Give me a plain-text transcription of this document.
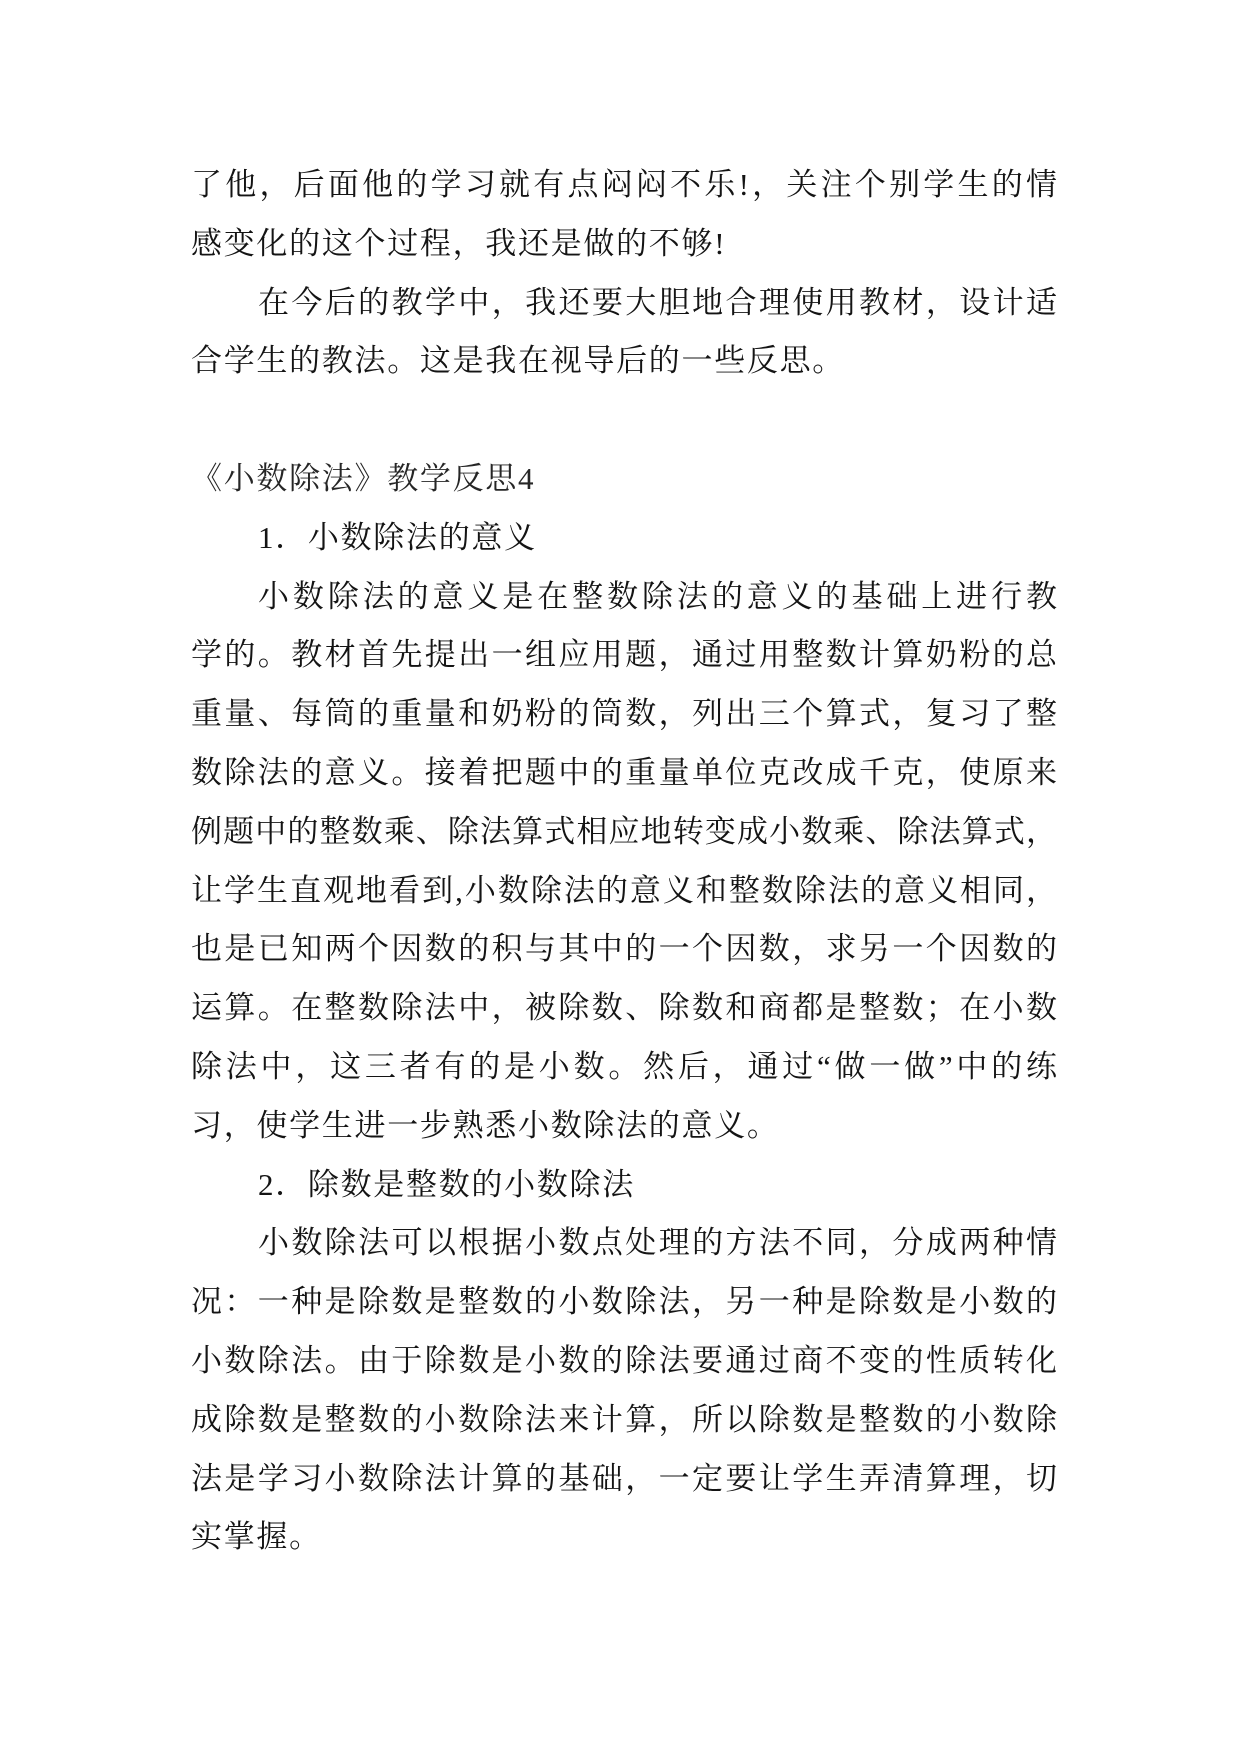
了他，后面他的学习就有点闷闷不乐!，关注个别学生的情
感变化的这个过程，我还是做的不够!
在今后的教学中，我还要大胆地合理使用教材，设计适
合学生的教法。这是我在视导后的一些反思。
《小数除法》教学反思4
1．小数除法的意义
小数除法的意义是在整数除法的意义的基础上进行教
学的。教材首先提出一组应用题，通过用整数计算奶粉的总
重量、每筒的重量和奶粉的筒数，列出三个算式，复习了整
数除法的意义。接着把题中的重量单位克改成千克，使原来
例题中的整数乘、除法算式相应地转变成小数乘、除法算式，
让学生直观地看到,小数除法的意义和整数除法的意义相同，
也是已知两个因数的积与其中的一个因数，求另一个因数的
运算。在整数除法中，被除数、除数和商都是整数；在小数
除法中，这三者有的是小数。然后，通过“做一做”中的练
习，使学生进一步熟悉小数除法的意义。
2．除数是整数的小数除法
小数除法可以根据小数点处理的方法不同，分成两种情
况：一种是除数是整数的小数除法，另一种是除数是小数的
小数除法。由于除数是小数的除法要通过商不变的性质转化
成除数是整数的小数除法来计算，所以除数是整数的小数除
法是学习小数除法计算的基础，一定要让学生弄清算理，切
实掌握。
